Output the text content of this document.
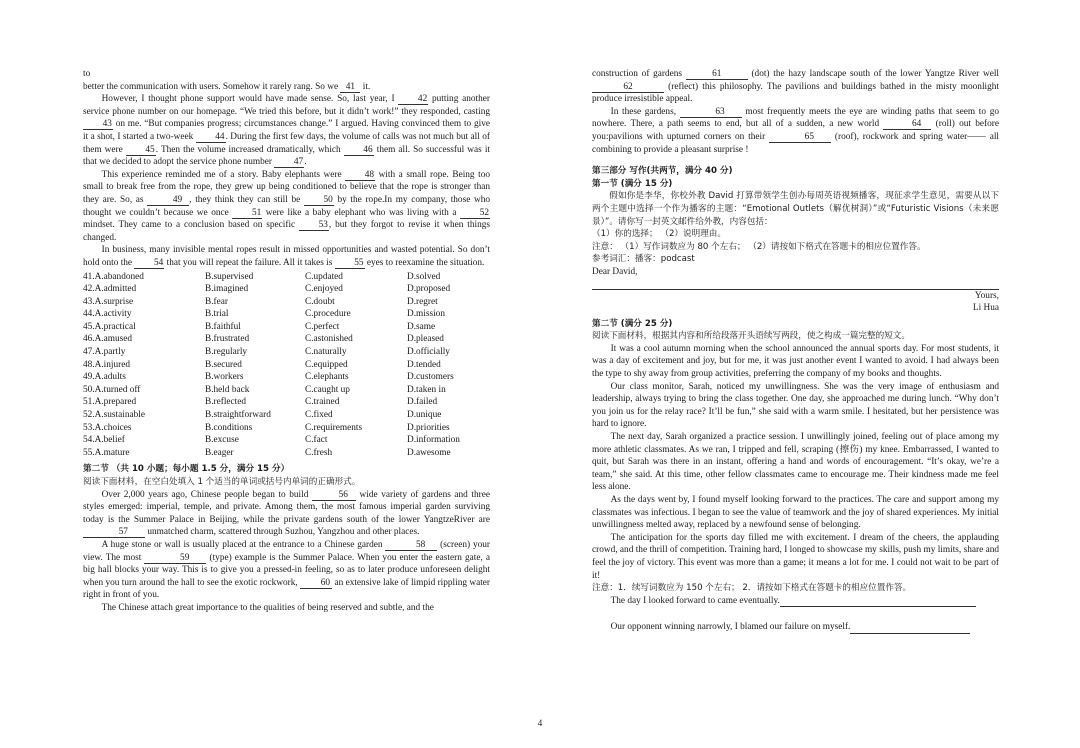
to

better the communication with users. Somehow it rarely rang. So we 41 it.

However, I thought phone support would have made sense. So, last year, I 42 putting another service phone number on our homepage. “We tried this before, but it didn’t work!” they responded, casting 43 on me. “But companies progress; circumstances change.” I argued. Having convinced them to give it a shot, I started a two-week 44. During the first few days, the volume of calls was not much but all of them were 45. Then the volume increased dramatically, which 46 them all. So successful was it that we decided to adopt the service phone number 47.

This experience reminded me of a story. Baby elephants were 48 with a small rope. Being too small to break free from the rope, they grew up being conditioned to believe that the rope is stronger than they are. So, as	49 , they think they can still be 50 by the rope.In my company, those who thought we couldn’t because we once 51 were like a baby elephant who was living with a 52 mindset. They came to a conclusion based on specific 53, but they forgot to revise it when things changed.

In business, many invisible mental ropes result in missed opportunities and wasted potential. So don’t hold onto the 54 that you will repeat the failure. All it takes is 55 eyes to reexamine the situation.

41.A.abandoned	B.supervised	C.updated	D.solved
42.A.admitted	B.imagined	C.enjoyed	D.proposed
43.A.surprise	B.fear	C.doubt	D.regret
44.A.activity	B.trial	C.procedure	D.mission
45.A.practical	B.faithful	C.perfect	D.same
46.A.amused	B.frustrated	C.astonished	D.pleased
47.A.partly	B.regularly	C.naturally	D.officially
48.A.injured	B.secured	C.equipped	D.tended
49.A.adults	B.workers	C.elephants	D.customers
50.A.turned off	B.held back	C.caught up	D.taken in
51.A.prepared	B.reflected	C.trained	D.failed
52.A.sustainable	B.straightforward	C.fixed	D.unique
53.A.choices	B.conditions	C.requirements	D.priorities
54.A.belief	B.excuse	C.fact	D.information
55.A.mature	B.eager	C.fresh	D.awesome

第二节 （共 10 小题；每小题 1.5 分，满分 15 分）

阅读下面材料，在空白处填入 1 个适当的单词或括号内单词的正确形式。

Over 2,000 years ago, Chinese people began to build	56 wide variety of gardens and three styles emerged: imperial, temple, and private. Among them, the most famous imperial garden surviving today is the Summer Palace in Beijing, while the private gardens south of the lower YangtzeRiver are 57 unmatched charm, scattered through Suzhou, Yangzhou and other places.

A huge stone or wall is usually placed at the entrance to a Chinese garden	58 (screen) your view. The most	59 (type) example is the Summer Palace. When you enter the eastern gate, a big hall blocks your way. This is to give you a pressed-in feeling, so as to later produce unforeseen delight when you turn around the hall to see the exotic rockwork, 60 an extensive lake of limpid rippling water right in front of you.

The Chinese attach great importance to the qualities of being reserved and subtle, and the

construction of gardens	61	(dot) the hazy landscape south of the lower Yangtze River well 62	(reflect) this philosophy. The pavilions and buildings bathed in the misty moonlight produce irresistible appeal.

In these gardens,	63 most frequently meets the eye are winding paths that seem to go nowhere. There, a path seems to end, but all of a sudden, a new world	64 (roll) out before you:pavilions with upturned corners on their	65 (roof), rockwork and spring water—— all combining to provide a pleasant surprise !

第三部分 写作(共两节，满分 40 分)

第一节 (满分 15 分)

假如你是李华，你校外教 David 打算带领学生创办每周英语视频播客，现征求学生意见，需要从以下两个主题中选择一个作为播客的主题：“Emotional Outlets（解优树洞）”或“Futuristic Visions（未来愿景）”。请你写一封英文邮件给外教，内容包括：

（1）你的选择； （2）说明理由。

注意： （1）写作词数应为 80 个左右； （2）请按如下格式在答题卡的相应位置作答。

参考词汇：播客：podcast

Dear David,

Yours,

Li Hua

第二节 (满分 25 分)

阅读下面材料，根据其内容和所给段落开头语续写两段，使之构成一篇完整的短文。

It was a cool autumn morning when the school announced the annual sports day. For most students, it was a day of excitement and joy, but for me, it was just another event I wanted to avoid. I had always been the type to shy away from group activities, preferring the company of my books and thoughts.

Our class monitor, Sarah, noticed my unwillingness. She was the very image of enthusiasm and leadership, always trying to bring the class together. One day, she approached me during lunch. “Why don’t you join us for the relay race? It’ll be fun,” she said with a warm smile. I hesitated, but her persistence was hard to ignore.

The next day, Sarah organized a practice session. I unwillingly joined, feeling out of place among my more athletic classmates. As we ran, I tripped and fell, scraping (擦伤) my knee. Embarrassed, I wanted to quit, but Sarah was there in an instant, offering a hand and words of encouragement. “It’s okay, we’re a team,” she said. At this time, other fellow classmates came to encourage me. Their kindness made me feel less alone.

As the days went by, I found myself looking forward to the practices. The care and support among my classmates was infectious. I began to see the value of teamwork and the joy of shared experiences. My initial unwillingness melted away, replaced by a newfound sense of belonging.

The anticipation for the sports day filled me with excitement. I dream of the cheers, the applauding crowd, and the thrill of competition. Training hard, I longed to showcase my skills, push my limits, share and feel the joy of victory. This event was more than a game; it means a lot for me. I could not wait to be part of it!

注意：1．续写词数应为 150 个左右； 2．请按如下格式在答题卡的相应位置作答。

The day I looked forward to came eventually.

Our opponent winning narrowly, I blamed our failure on myself.

4
